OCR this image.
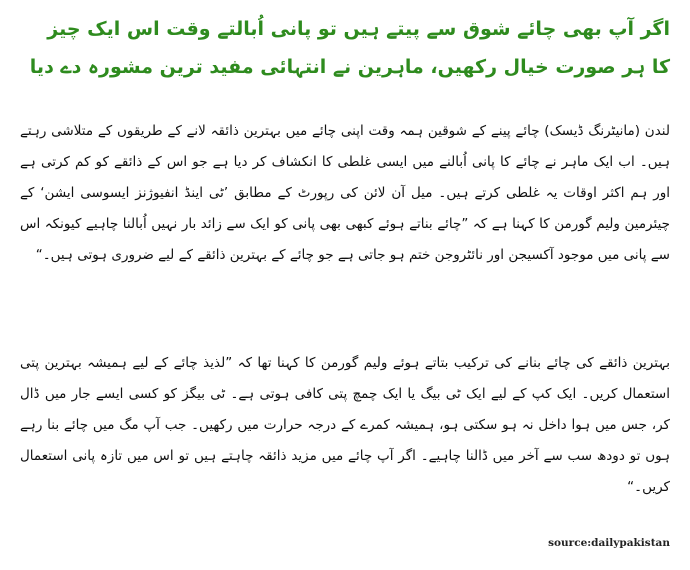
اگر آپ بھی چائے شوق سے پیتے ہیں تو پانی اُبالتے وقت اس ایک چیز کا ہر صورت خیال رکھیں، ماہرین نے انتہائی مفید ترین مشورہ دے دیا

لندن (مانیٹرنگ ڈیسک) چائے پینے کے شوقین ہمہ وقت اپنی چائے میں بہترین ذائقہ لانے کے طریقوں کے متلاشی رہتے ہیں۔ اب ایک ماہر نے چائے کا پانی اُبالنے میں ایسی غلطی کا انکشاف کر دیا ہے جو اس کے ذائقے کو کم کرتی ہے اور ہم اکثر اوقات یہ غلطی کرتے ہیں۔ میل آن لائن کی رپورٹ کے مطابق ’ٹی اینڈ انفیوژنز ایسوسی ایشن‘ کے چیئرمین ولیم گورمن کا کہنا ہے کہ ”چائے بناتے ہوئے کبھی بھی پانی کو ایک سے زائد بار نہیں اُبالنا چاہیے کیونکہ اس سے پانی میں موجود آکسیجن اور نائٹروجن ختم ہو جاتی ہے جو چائے کے بہترین ذائقے کے لیے ضروری ہوتی ہیں۔“

بہترین ذائقے کی چائے بنانے کی ترکیب بتاتے ہوئے ولیم گورمن کا کہنا تھا کہ ”لذیذ چائے کے لیے ہمیشہ بہترین پتی استعمال کریں۔ ایک کپ کے لیے ایک ٹی بیگ یا ایک چمچ پتی کافی ہوتی ہے۔ ٹی بیگز کو کسی ایسے جار میں ڈال کر، جس میں ہوا داخل نہ ہو سکتی ہو، ہمیشہ کمرے کے درجہ حرارت میں رکھیں۔ جب آپ مگ میں چائے بنا رہے ہوں تو دودھ سب سے آخر میں ڈالنا چاہیے۔ اگر آپ چائے میں مزید ذائقہ چاہتے ہیں تو اس میں تازہ پانی استعمال کریں۔“

source:dailypakistan
